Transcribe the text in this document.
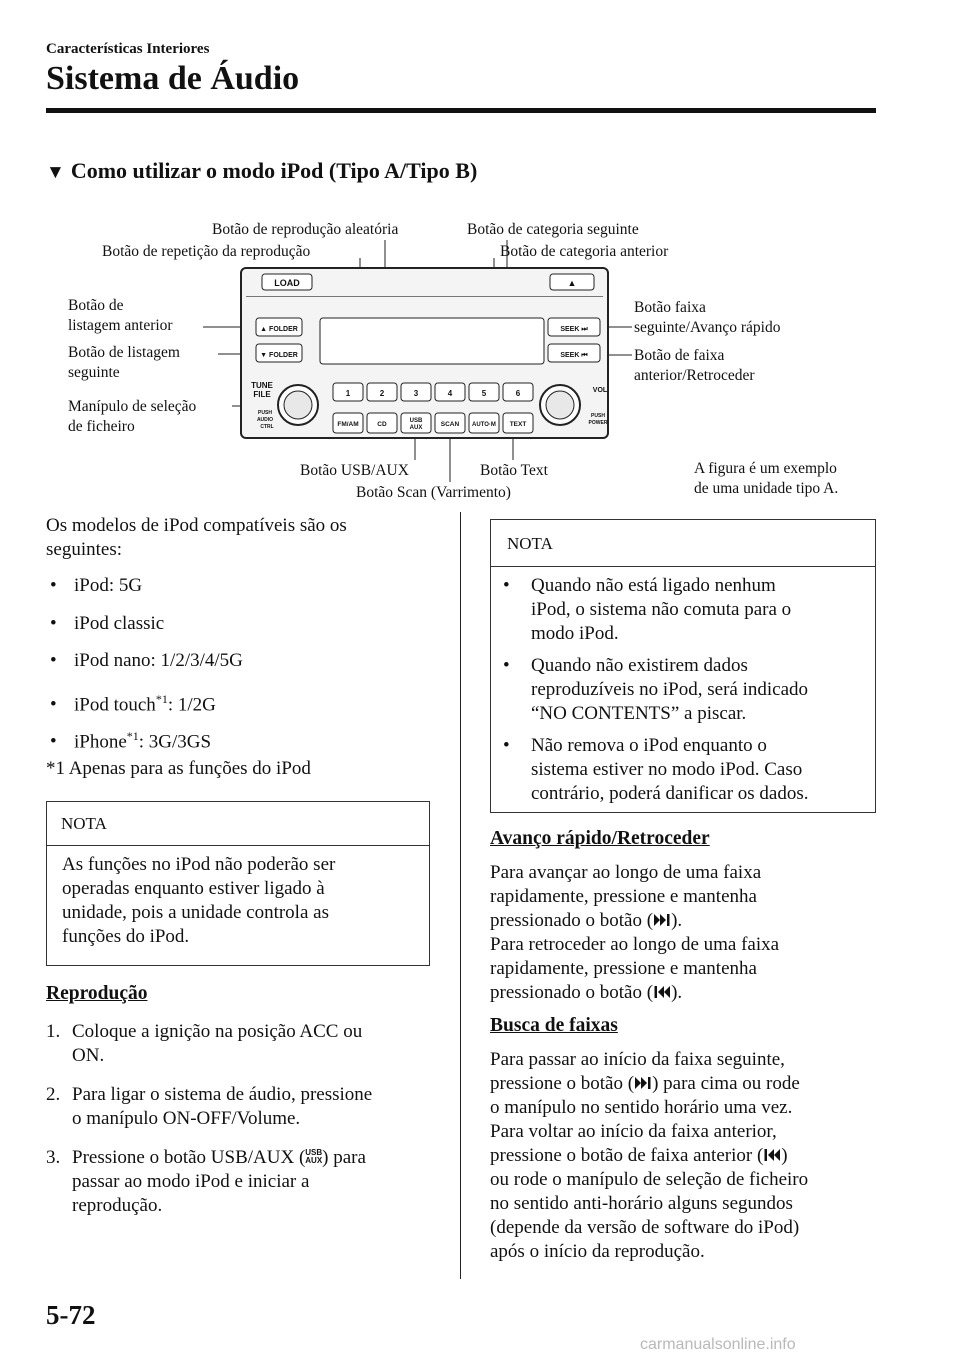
Características Interiores
Sistema de Áudio
▼ Como utilizar o modo iPod (Tipo A/Tipo B)
LOAD	▲
▲ FOLDER
▼ FOLDER
SEEK ⏭
SEEK ⏮
TUNE
FILE
PUSH
AUDIO
CTRL
VOL
PUSH
POWER
1	2	3	4	5	6
FM/AM	CD	USB
AUX	SCAN AUTO·M TEXT
Botão de reprodução aleatória
Botão de repetição da reprodução
Botão de categoria seguinte
Botão de categoria anterior
Botão de
listagem anterior
Botão de listagem
seguinte
Manípulo de seleção
de ficheiro
Botão faixa
seguinte/Avanço rápido
Botão de faixa
anterior/Retroceder
Botão USB/AUX	Botão Text
Botão Scan (Varrimento)
A figura é um exemplo
de uma unidade tipo A.
Os modelos de iPod compatíveis são os
seguintes:
• iPod: 5G
• iPod classic
• iPod nano: 1/2/3/4/5G
• iPod touch$^{*1}$: 1/2G
• iPhone$^{*1}$: 3G/3GS
*1 Apenas para as funções do iPod
NOTA
As funções no iPod não poderão ser
operadas enquanto estiver ligado à
unidade, pois a unidade controla as
funções do iPod.
Reprodução
1. Coloque a ignição na posição ACC ou
ON.
2. Para ligar o sistema de áudio, pressione
o manípulo ON-OFF/Volume.
3. Pressione o botão USB/AUX (USB
AUX) para
passar ao modo iPod e iniciar a
reprodução.
NOTA
• Quando não está ligado nenhum
iPod, o sistema não comuta para o
modo iPod.
• Quando não existirem dados
reproduzíveis no iPod, será indicado
“NO CONTENTS” a piscar.
• Não remova o iPod enquanto o
sistema estiver no modo iPod. Caso
contrário, poderá danificar os dados.
Avanço rápido/Retroceder
Para avançar ao longo de uma faixa
rapidamente, pressione e mantenha
pressionado o botão ( ).
Para retroceder ao longo de uma faixa
rapidamente, pressione e mantenha
pressionado o botão ( ).
Busca de faixas
Para passar ao início da faixa seguinte,
pressione o botão ( ) para cima ou rode
o manípulo no sentido horário uma vez.
Para voltar ao início da faixa anterior,
pressione o botão de faixa anterior ( )
ou rode o manípulo de seleção de ficheiro
no sentido anti-horário alguns segundos
(depende da versão de software do iPod)
após o início da reprodução.
5-72
carmanualsonline.info
